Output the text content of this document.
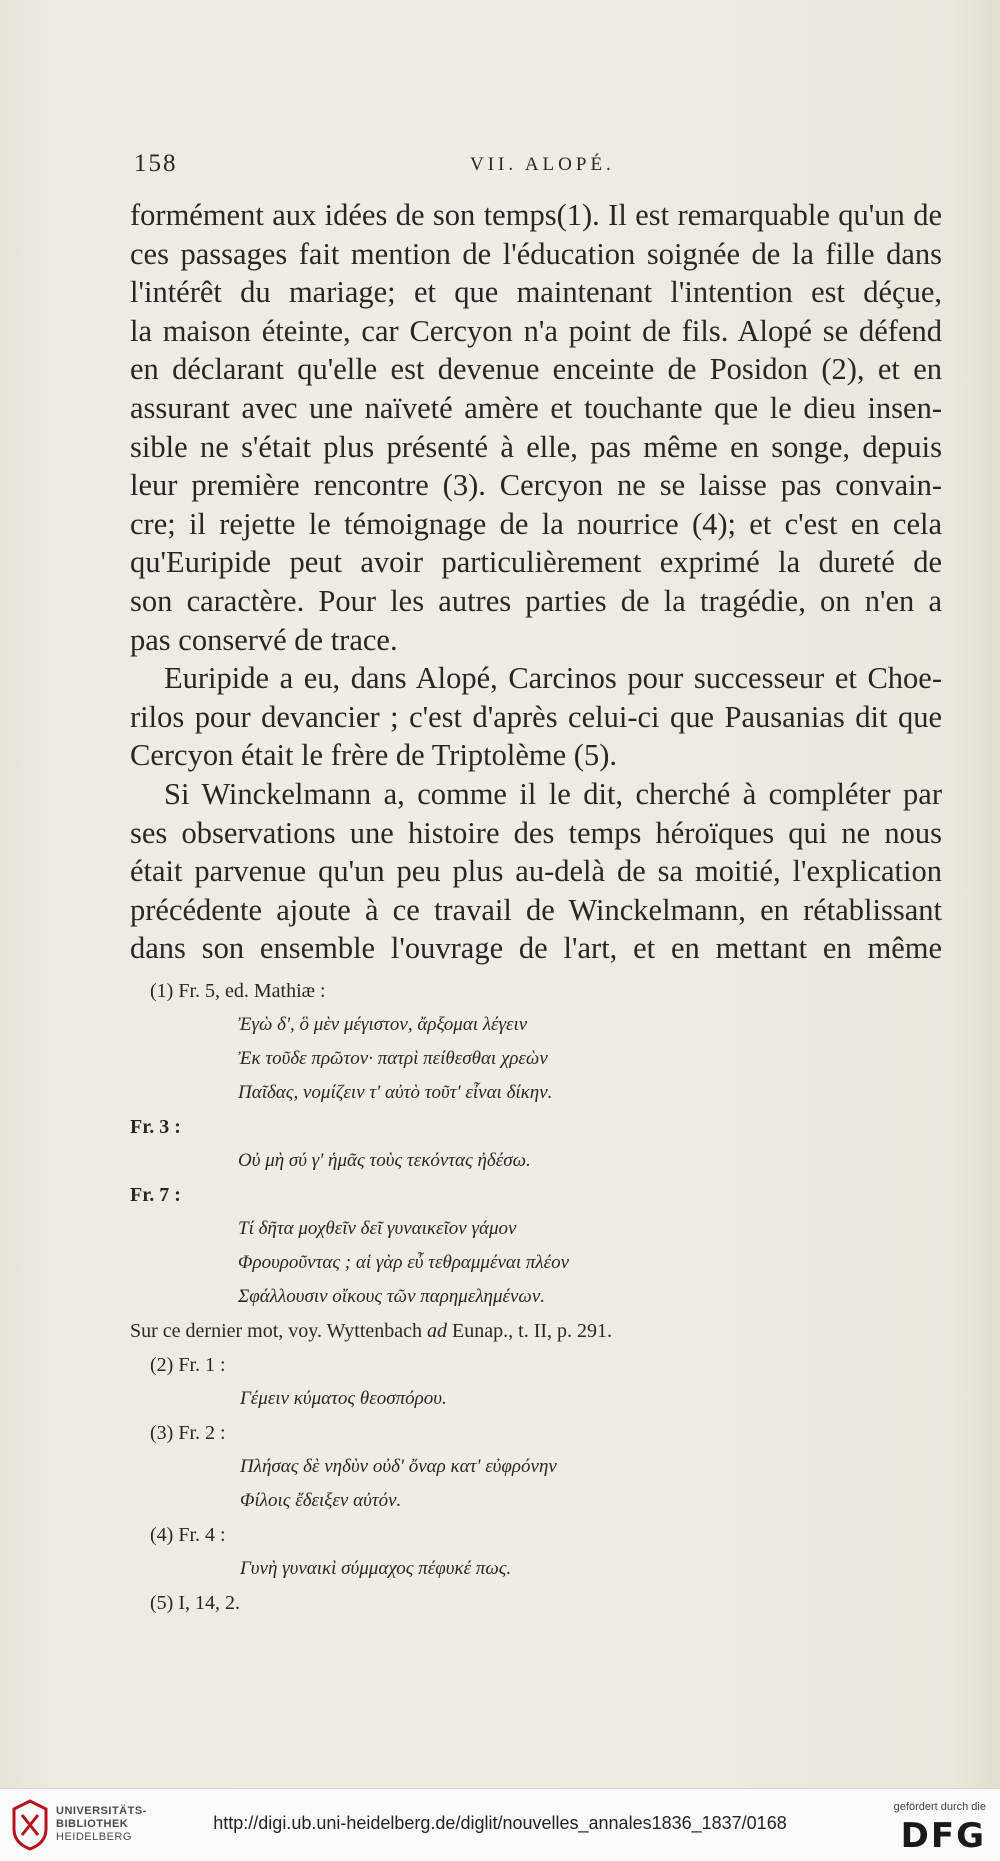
158	VII. ALOPÉ.

formément aux idées de son temps(1). Il est remarquable qu'un de

ces passages fait mention de l'éducation soignée de la fille dans

l'intérêt du mariage; et que maintenant l'intention est déçue,

la maison éteinte, car Cercyon n'a point de fils. Alopé se défend

en déclarant qu'elle est devenue enceinte de Posidon (2), et en

assurant avec une naïveté amère et touchante que le dieu insen-

sible ne s'était plus présenté à elle, pas même en songe, depuis

leur première rencontre (3). Cercyon ne se laisse pas convain-

cre; il rejette le témoignage de la nourrice (4); et c'est en cela

qu'Euripide peut avoir particulièrement exprimé la dureté de

son caractère. Pour les autres parties de la tragédie, on n'en a

pas conservé de trace.

Euripide a eu, dans Alopé, Carcinos pour successeur et Choe-

rilos pour devancier ; c'est d'après celui-ci que Pausanias dit que

Cercyon était le frère de Triptolème (5).

Si Winckelmann a, comme il le dit, cherché à compléter par

ses observations une histoire des temps héroïques qui ne nous

était parvenue qu'un peu plus au-delà de sa moitié, l'explication

précédente ajoute à ce travail de Winckelmann, en rétablissant

dans son ensemble l'ouvrage de l'art, et en mettant en même

(1) Fr. 5, ed. Mathiæ :
Ἐγὼ δ', ὃ μὲν μέγιστον, ἄρξομαι λέγειν
Ἐκ τοῦδε πρῶτον· πατρὶ πείθεσθαι χρεὼν
Παῖδας, νομίζειν τ' αὐτὸ τοῦτ' εἶναι δίκην.
Fr. 3 :
Οὐ μὴ σύ γ' ἡμᾶς τοὺς τεκόντας ἠδέσω.
Fr. 7 :
Τί δῆτα μοχθεῖν δεῖ γυναικεῖον γάμον
Φρουροῦντας ; αἱ γὰρ εὖ τεθραμμέναι πλέον
Σφάλλουσιν οἴκους τῶν παρημελημένων.
Sur ce dernier mot, voy. Wyttenbach ad Eunap., t. II, p. 291.
(2) Fr. 1 :
Γέμειν κύματος θεοσπόρου.
(3) Fr. 2 :
Πλήσας δὲ νηδὺν οὐδ' ὄναρ κατ' εὐφρόνην
Φίλοις ἔδειξεν αὐτόν.
(4) Fr. 4 :
Γυνὴ γυναικὶ σύμμαχος πέφυκέ πως.
(5) I, 14, 2.
UNIVERSITÄTS-
BIBLIOTHEK
HEIDELBERG
http://digi.ub.uni-heidelberg.de/diglit/nouvelles_annales1836_1837/0168
gefördert durch die
DFG
